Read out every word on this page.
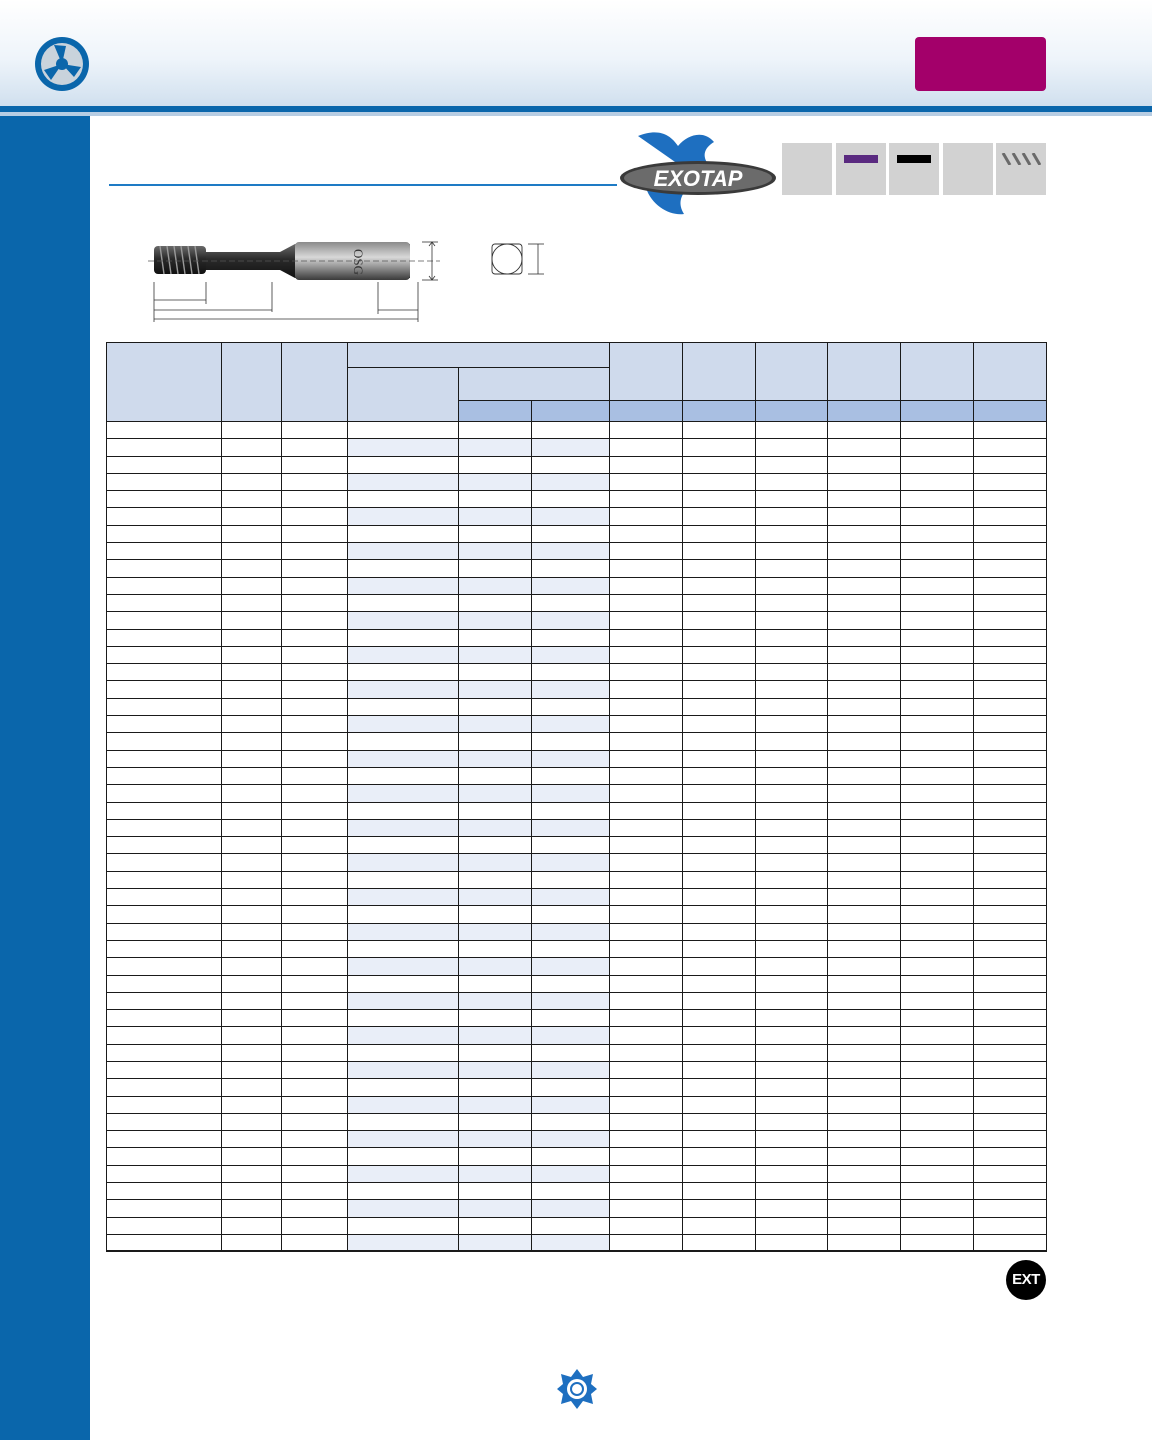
EXOTAP
OSG

EXT
